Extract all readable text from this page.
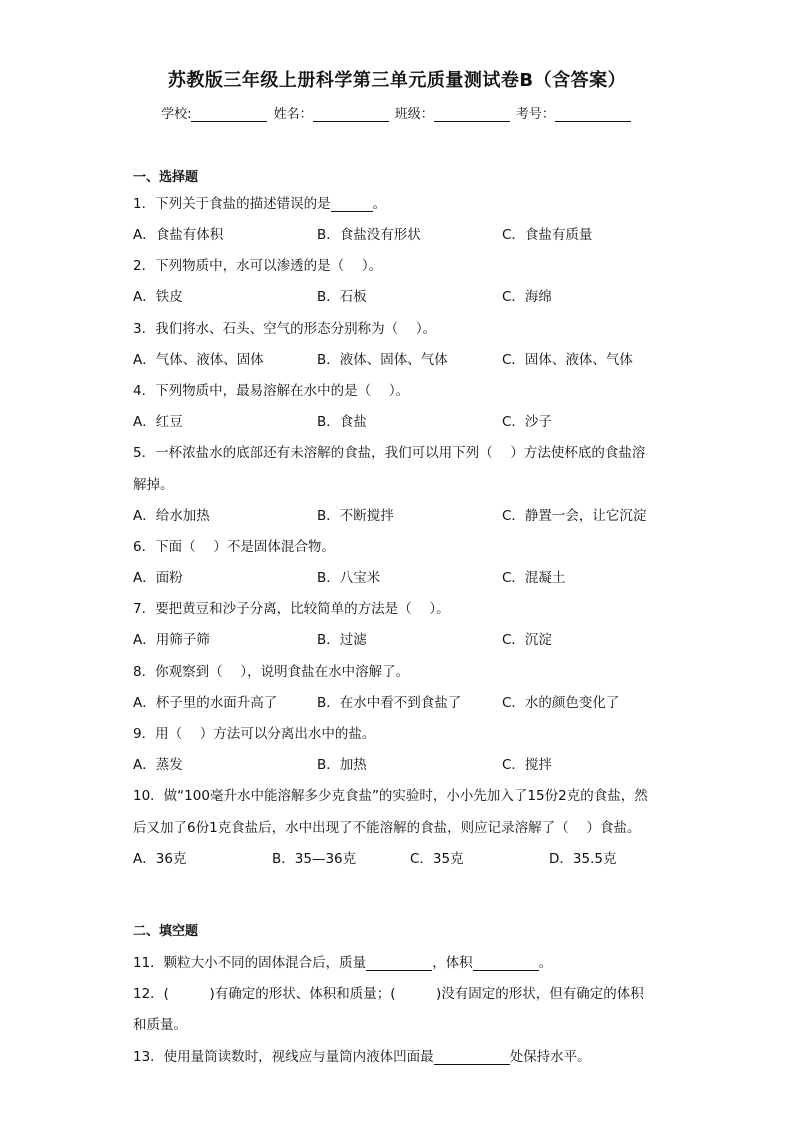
苏教版三年级上册科学第三单元质量测试卷B（含答案）
学校:	姓名：	班级：	考号：
一、选择题
1．下列关于食盐的描述错误的是	。
A．食盐有体积	B．食盐没有形状	C．食盐有质量
2．下列物质中，水可以渗透的是（　 ）。
A．铁皮	B．石板	C．海绵
3．我们将水、石头、空气的形态分别称为（　 ）。
A．气体、液体、固体	B．液体、固体、气体	C．固体、液体、气体
4．下列物质中，最易溶解在水中的是（　 ）。
A．红豆	B．食盐	C．沙子
5．一杯浓盐水的底部还有未溶解的食盐，我们可以用下列（　 ）方法使杯底的食盐溶
解掉。
A．给水加热	B．不断搅拌	C．静置一会，让它沉淀
6．下面（　 ）不是固体混合物。
A．面粉	B．八宝米	C．混凝土
7．要把黄豆和沙子分离，比较简单的方法是（　 ）。
A．用筛子筛	B．过滤	C．沉淀
8．你观察到（　 ），说明食盐在水中溶解了。
A．杯子里的水面升高了	B．在水中看不到食盐了	C．水的颜色变化了
9．用（　 ）方法可以分离出水中的盐。
A．蒸发	B．加热	C．搅拌
10．做“100毫升水中能溶解多少克食盐”的实验时，小小先加入了15份2克的食盐，然
后又加了6份1克食盐后，水中出现了不能溶解的食盐，则应记录溶解了（　 ）食盐。
A．36克	B．35—36克	C．35克	D．35.5克
二、填空题
11．颗粒大小不同的固体混合后，质量	，体积	。
12．(　　　)有确定的形状、体积和质量；(　　　)没有固定的形状，但有确定的体积
和质量。
13．使用量筒读数时，视线应与量筒内液体凹面最	处保持水平。
